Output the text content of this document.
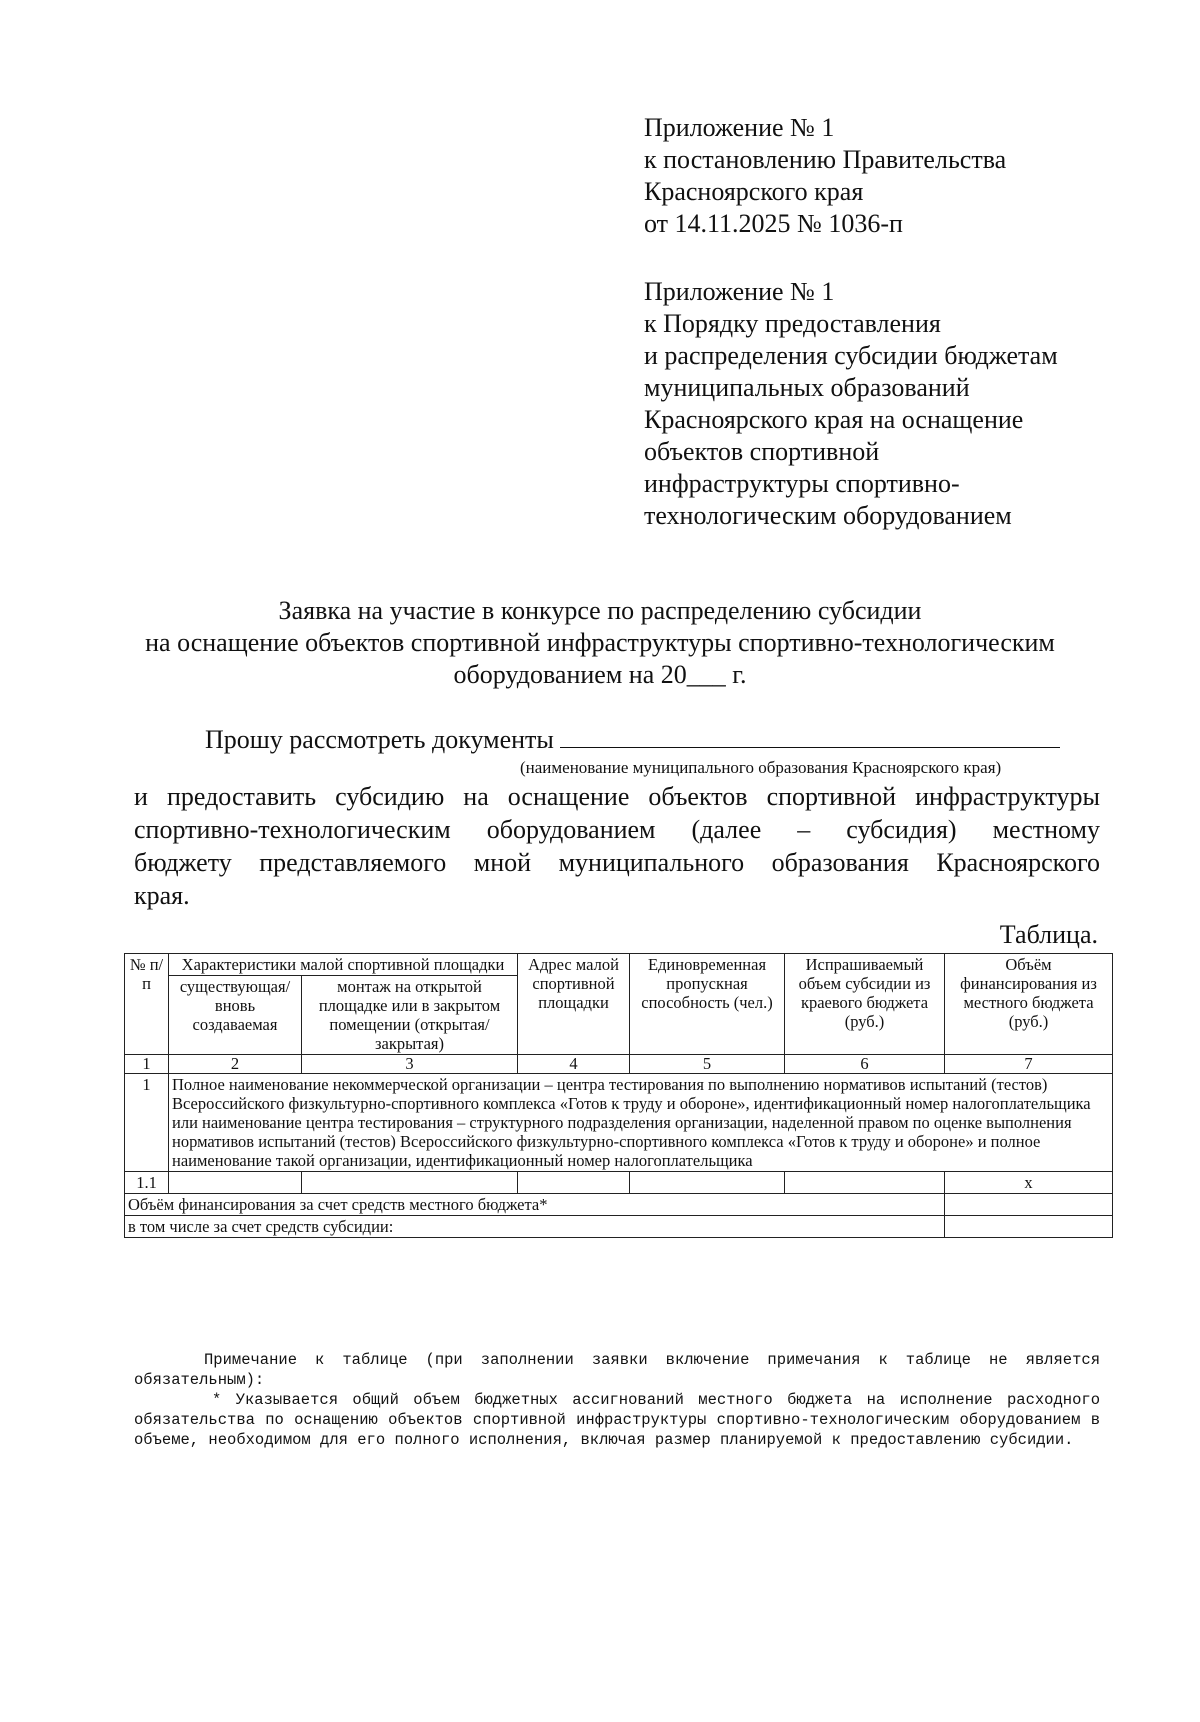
Приложение № 1
к постановлению Правительства
Красноярского края
от 14.11.2025 № 1036-п
Приложение № 1
к Порядку предоставления
и распределения субсидии бюджетам
муниципальных образований
Красноярского края на оснащение
объектов спортивной
инфраструктуры спортивно-
технологическим оборудованием
Заявка на участие в конкурсе по распределению субсидии
на оснащение объектов спортивной инфраструктуры спортивно-технологическим
оборудованием на 20___ г.
Прошу рассмотреть документы
(наименование муниципального образования Красноярского края)
и предоставить субсидию на оснащение объектов спортивной инфраструктуры
спортивно-технологическим оборудованием (далее – субсидия) местному
бюджету представляемого мной муниципального образования Красноярского
края.
Таблица.
№ п/п	Характеристики малой спортивной площадки		Адрес малой спортивной площадки	Единовременная пропускная способность (чел.)	Испрашиваемый объем субсидии из краевого бюджета (руб.)	Объём финансирования из местного бюджета (руб.)
	существующая/ вновь создаваемая	монтаж на открытой площадке или в закрытом помещении (открытая/закрытая)				
1	2	3	4	5	6	7
1	Полное наименование некоммерческой организации – центра тестирования по выполнению нормативов испытаний (тестов) Всероссийского физкультурно-спортивного комплекса «Готов к труду и обороне», идентификационный номер налогоплательщика или наименование центра тестирования – структурного подразделения организации, наделенной правом по оценке выполнения нормативов испытаний (тестов) Всероссийского физкультурно-спортивного комплекса «Готов к труду и обороне» и полное наименование такой организации, идентификационный номер налогоплательщика					
1.1						х
Объём финансирования за счет средств местного бюджета*						
в том числе за счет средств субсидии:						

Примечание к таблице (при заполнении заявки включение примечания к таблице не является обязательным):

* Указывается общий объем бюджетных ассигнований местного бюджета на исполнение расходного обязательства по оснащению объектов спортивной инфраструктуры спортивно-технологическим оборудованием в объеме, необходимом для его полного исполнения, включая размер планируемой к предоставлению субсидии.
